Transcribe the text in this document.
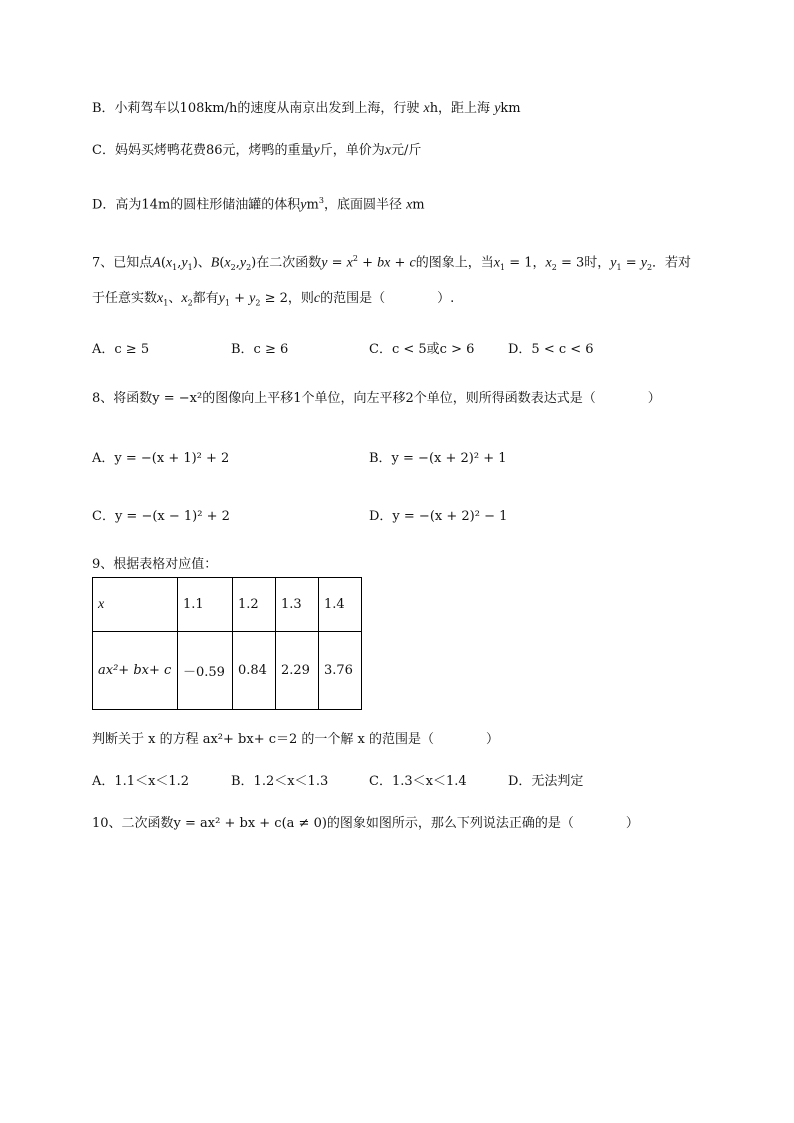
B．小莉驾车以108km/h的速度从南京出发到上海，行驶 xh，距上海 ykm
C．妈妈买烤鸭花费86元，烤鸭的重量y斤，单价为x元/斤
D．高为14m的圆柱形储油罐的体积$ym^3$，底面圆半径 xm
7、已知点$A(x_1,y_1)$、$B(x_2,y_2)$在二次函数$y = x^2$ + bx + c的图象上，当$x_1 = 1$，$x_2 = 3$时，$y_1 = y_2$．若对
于任意实数$x_1$、$x_2$都有$y_1 + y_2 \ge 2$，则c的范围是（　　　　）.
A．c ≥ 5	B．c ≥ 6	C．c < 5或c > 6	D．5 < c < 6
8、将函数y = −x²的图像向上平移1个单位，向左平移2个单位，则所得函数表达式是（　　　　）
A．y = −(x + 1)² + 2	B．y = −(x + 2)² + 1
C．y = −(x − 1)² + 2	D．y = −(x + 2)² − 1
9、根据表格对应值：
x	1.1	1.2	1.3	1.4
ax²+ bx+ c	－0.59	0.84	2.29	3.76
判断关于 x 的方程 ax²+ bx+ c＝2 的一个解 x 的范围是（　　　　）
A．1.1＜x＜1.2	B．1.2＜x＜1.3	C．1.3＜x＜1.4	D．无法判定
10、二次函数y = ax² + bx + c(a ≠ 0)的图象如图所示，那么下列说法正确的是（　　　　）
